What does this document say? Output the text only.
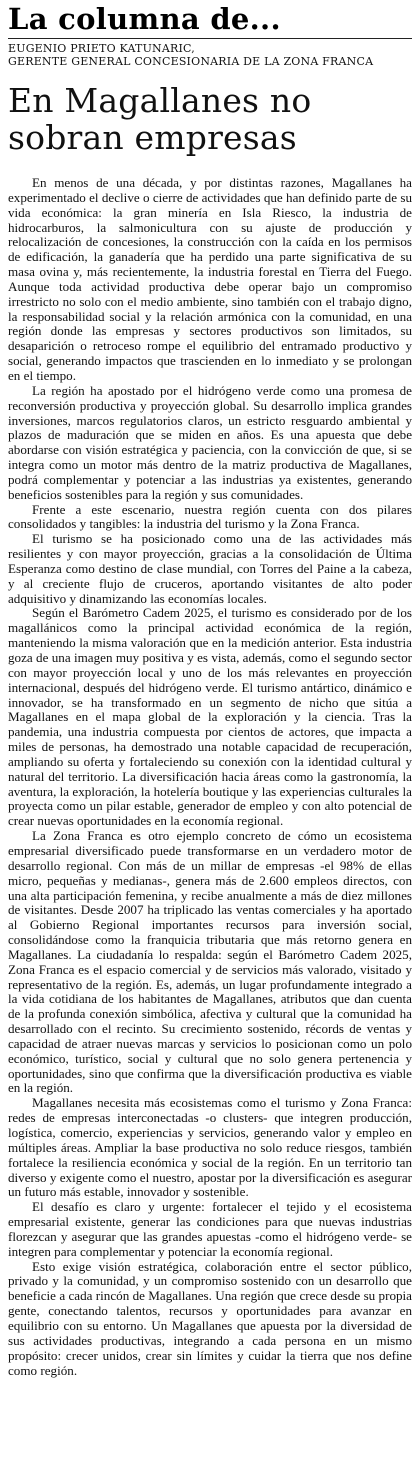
La columna de...
EUGENIO PRIETO KATUNARIC,
GERENTE GENERAL CONCESIONARIA DE LA ZONA FRANCA
En Magallanes no sobran empresas

En menos de una década, y por distintas razones, Magallanes ha experimentado el declive o cierre de actividades que han definido parte de su vida económica: la gran minería en Isla Riesco, la industria de hidrocarburos, la salmonicultura con su ajuste de producción y relocalización de concesiones, la construcción con la caída en los permisos de edificación, la ganadería que ha perdido una parte significativa de su masa ovina y, más recientemente, la industria forestal en Tierra del Fuego. Aunque toda actividad productiva debe operar bajo un compromiso irrestricto no solo con el medio ambiente, sino también con el trabajo digno, la responsabilidad social y la relación armónica con la comunidad, en una región donde las empresas y sectores productivos son limitados, su desaparición o retroceso rompe el equilibrio del entramado productivo y social, generando impactos que trascienden en lo inmediato y se prolongan en el tiempo.

La región ha apostado por el hidrógeno verde como una promesa de reconversión productiva y proyección global. Su desarrollo implica grandes inversiones, marcos regulatorios claros, un estricto resguardo ambiental y plazos de maduración que se miden en años. Es una apuesta que debe abordarse con visión estratégica y paciencia, con la convicción de que, si se integra como un motor más dentro de la matriz productiva de Magallanes, podrá complementar y potenciar a las industrias ya existentes, generando beneficios sostenibles para la región y sus comunidades.

Frente a este escenario, nuestra región cuenta con dos pilares consolidados y tangibles: la industria del turismo y la Zona Franca.

El turismo se ha posicionado como una de las actividades más resilientes y con mayor proyección, gracias a la consolidación de Última Esperanza como destino de clase mundial, con Torres del Paine a la cabeza, y al creciente flujo de cruceros, aportando visitantes de alto poder adquisitivo y dinamizando las economías locales.

Según el Barómetro Cadem 2025, el turismo es considerado por de los magallánicos como la principal actividad económica de la región, manteniendo la misma valoración que en la medición anterior. Esta industria goza de una imagen muy positiva y es vista, además, como el segundo sector con mayor proyección local y uno de los más relevantes en proyección internacional, después del hidrógeno verde. El turismo antártico, dinámico e innovador, se ha transformado en un segmento de nicho que sitúa a Magallanes en el mapa global de la exploración y la ciencia. Tras la pandemia, una industria compuesta por cientos de actores, que impacta a miles de personas, ha demostrado una notable capacidad de recuperación, ampliando su oferta y fortaleciendo su conexión con la identidad cultural y natural del territorio. La diversificación hacia áreas como la gastronomía, la aventura, la exploración, la hotelería boutique y las experiencias culturales la proyecta como un pilar estable, generador de empleo y con alto potencial de crear nuevas oportunidades en la economía regional.

La Zona Franca es otro ejemplo concreto de cómo un ecosistema empresarial diversificado puede transformarse en un verdadero motor de desarrollo regional. Con más de un millar de empresas -el 98% de ellas micro, pequeñas y medianas-, genera más de 2.600 empleos directos, con una alta participación femenina, y recibe anualmente a más de diez millones de visitantes. Desde 2007 ha triplicado las ventas comerciales y ha aportado al Gobierno Regional importantes recursos para inversión social, consolidándose como la franquicia tributaria que más retorno genera en Magallanes. La ciudadanía lo respalda: según el Barómetro Cadem 2025, Zona Franca es el espacio comercial y de servicios más valorado, visitado y representativo de la región. Es, además, un lugar profundamente integrado a la vida cotidiana de los habitantes de Magallanes, atributos que dan cuenta de la profunda conexión simbólica, afectiva y cultural que la comunidad ha desarrollado con el recinto. Su crecimiento sostenido, récords de ventas y capacidad de atraer nuevas marcas y servicios lo posicionan como un polo económico, turístico, social y cultural que no solo genera pertenencia y oportunidades, sino que confirma que la diversificación productiva es viable en la región.

Magallanes necesita más ecosistemas como el turismo y Zona Franca: redes de empresas interconectadas -o clusters- que integren producción, logística, comercio, experiencias y servicios, generando valor y empleo en múltiples áreas. Ampliar la base productiva no solo reduce riesgos, también fortalece la resiliencia económica y social de la región. En un territorio tan diverso y exigente como el nuestro, apostar por la diversificación es asegurar un futuro más estable, innovador y sostenible.

El desafío es claro y urgente: fortalecer el tejido y el ecosistema empresarial existente, generar las condiciones para que nuevas industrias florezcan y asegurar que las grandes apuestas -como el hidrógeno verde- se integren para complementar y potenciar la economía regional.

Esto exige visión estratégica, colaboración entre el sector público, privado y la comunidad, y un compromiso sostenido con un desarrollo que beneficie a cada rincón de Magallanes. Una región que crece desde su propia gente, conectando talentos, recursos y oportunidades para avanzar en equilibrio con su entorno. Un Magallanes que apuesta por la diversidad de sus actividades productivas, integrando a cada persona en un mismo propósito: crecer unidos, crear sin límites y cuidar la tierra que nos define como región.
